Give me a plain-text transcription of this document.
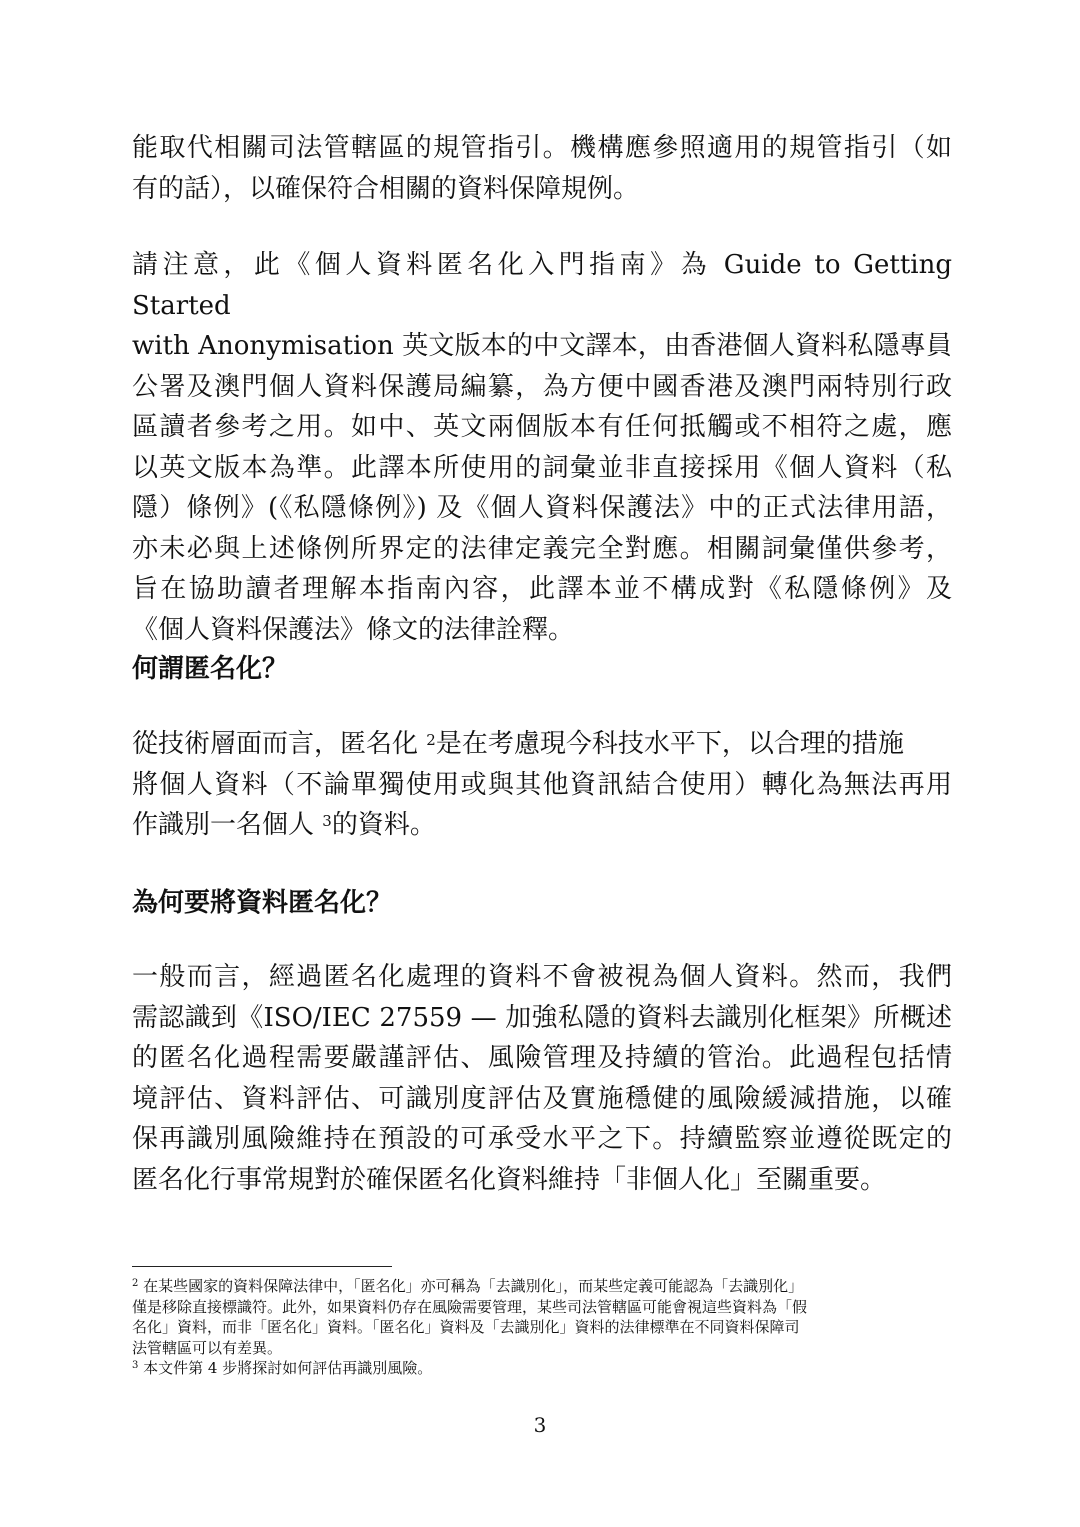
能取代相關司法管轄區的規管指引。機構應參照適用的規管指引（如
有的話），以確保符合相關的資料保障規例。
請注意，此《個人資料匿名化入門指南》為 Guide to Getting Started
with Anonymisation 英文版本的中文譯本，由香港個人資料私隱專員
公署及澳門個人資料保護局編纂，為方便中國香港及澳門兩特別行政
區讀者參考之用。如中、英文兩個版本有任何抵觸或不相符之處，應
以英文版本為準。此譯本所使用的詞彙並非直接採用《個人資料（私
隱）條例》(《私隱條例》) 及《個人資料保護法》中的正式法律用語，
亦未必與上述條例所界定的法律定義完全對應。相關詞彙僅供參考，
旨在協助讀者理解本指南內容，此譯本並不構成對《私隱條例》及
《個人資料保護法》條文的法律詮釋。
何謂匿名化？
從技術層面而言，匿名化 $^2$是在考慮現今科技水平下，以合理的措施
將個人資料（不論單獨使用或與其他資訊結合使用）轉化為無法再用
作識別一名個人 $^3$的資料。
為何要將資料匿名化？
一般而言，經過匿名化處理的資料不會被視為個人資料。然而，我們
需認識到《ISO/IEC 27559 — 加強私隱的資料去識別化框架》所概述
的匿名化過程需要嚴謹評估、風險管理及持續的管治。此過程包括情
境評估、資料評估、可識別度評估及實施穩健的風險緩減措施，以確
保再識別風險維持在預設的可承受水平之下。持續監察並遵從既定的
匿名化行事常規對於確保匿名化資料維持「非個人化」至關重要。
$^2$ 在某些國家的資料保障法律中，「匿名化」亦可稱為「去識別化」，而某些定義可能認為「去識別化」
僅是移除直接標識符。此外，如果資料仍存在風險需要管理，某些司法管轄區可能會視這些資料為「假
名化」資料，而非「匿名化」資料。「匿名化」資料及「去識別化」資料的法律標準在不同資料保障司
法管轄區可以有差異。
$^3$ 本文件第 4 步將探討如何評估再識別風險。
3
